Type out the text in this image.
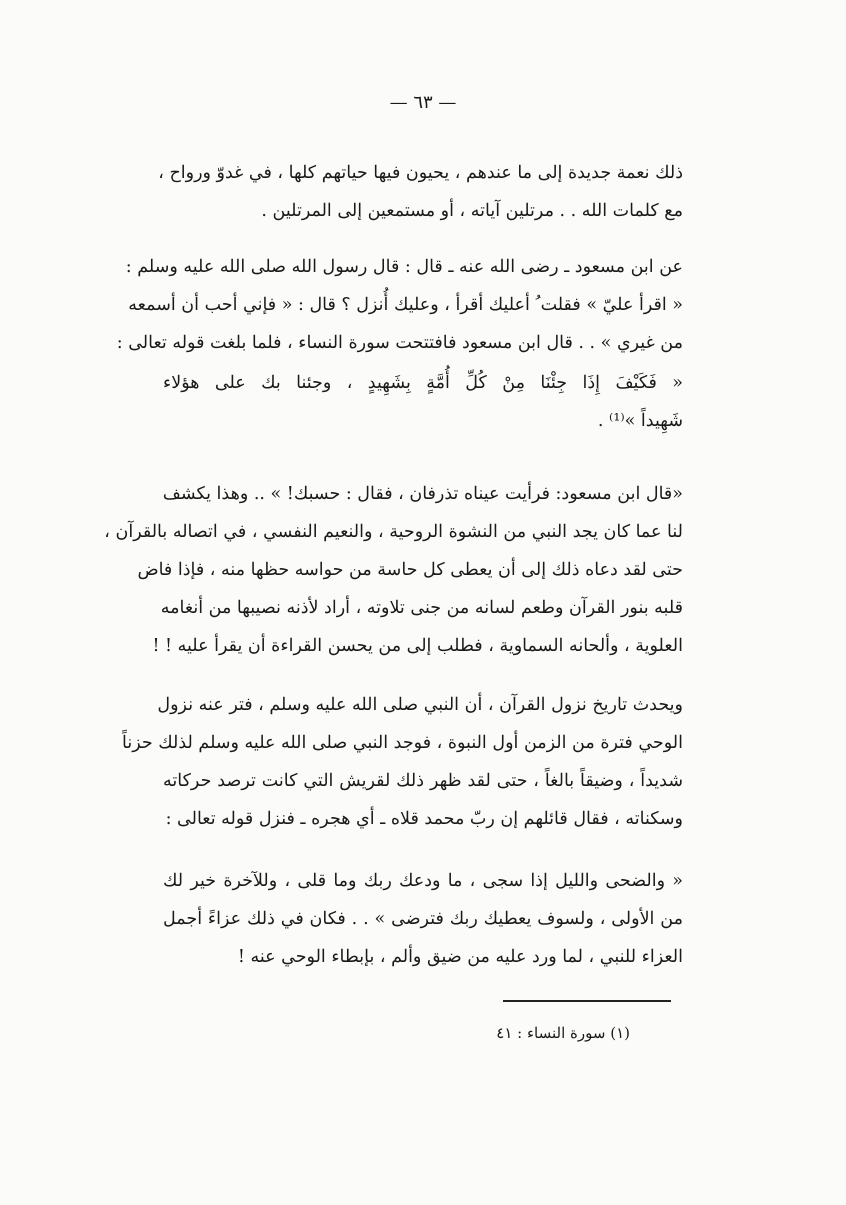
— ٦٣ —
ذلك نعمة جديدة إلى ما عندهم ، يحيون فيها حياتهم كلها ، في غدوّ ورواح ،
مع كلمات الله . . مرتلين آياته ، أو مستمعين إلى المرتلين .
عن ابن مسعود ـ رضى الله عنه ـ قال : قال رسول الله صلى الله عليه وسلم :
« اقرأ عليّ » فقلت ُ أعليك أقرأ ، وعليك أُنزل ؟ قال : « فإني أحب أن أسمعه
من غيري » . . قال ابن مسعود فافتتحت سورة النساء ، فلما بلغت قوله تعالى :
« فَكَيْفَ إِذَا جِئْنَا مِنْ كُلِّ أُمَّةٍ بِشَهِيدٍ ، وجئنا بك على هؤلاء
شَهِيداً »⁽¹⁾ .
«قال ابن مسعود: فرأيت عيناه تذرفان ، فقال : حسبك! » .. وهذا يكشف
لنا عما كان يجد النبي من النشوة الروحية ، والنعيم النفسي ، في اتصاله بالقرآن ،
حتى لقد دعاه ذلك إلى أن يعطى كل حاسة من حواسه حظها منه ، فإذا فاض
قلبه بنور القرآن وطعم لسانه من جنى تلاوته ، أراد لأذنه نصيبها من أنغامه
العلوية ، وألحانه السماوية ، فطلب إلى من يحسن القراءة أن يقرأ عليه ! !
ويحدث تاريخ نزول القرآن ، أن النبي صلى الله عليه وسلم ، فتر عنه نزول
الوحي فترة من الزمن أول النبوة ، فوجد النبي صلى الله عليه وسلم لذلك حزناً
شديداً ، وضيقاً بالغاً ، حتى لقد ظهر ذلك لقريش التي كانت ترصد حركاته
وسكناته ، فقال قائلهم إن ربّ محمد قلاه ـ أي هجره ـ فنزل قوله تعالى :
« والضحى والليل إذا سجى ، ما ودعك ربك وما قلى ، وللآخرة خير لك
من الأولى ، ولسوف يعطيك ربك فترضى » . . فكان في ذلك عزاءً أجمل
العزاء للنبي ، لما ورد عليه من ضيق وألم ، بإبطاء الوحي عنه !
(١) سورة النساء : ٤١
